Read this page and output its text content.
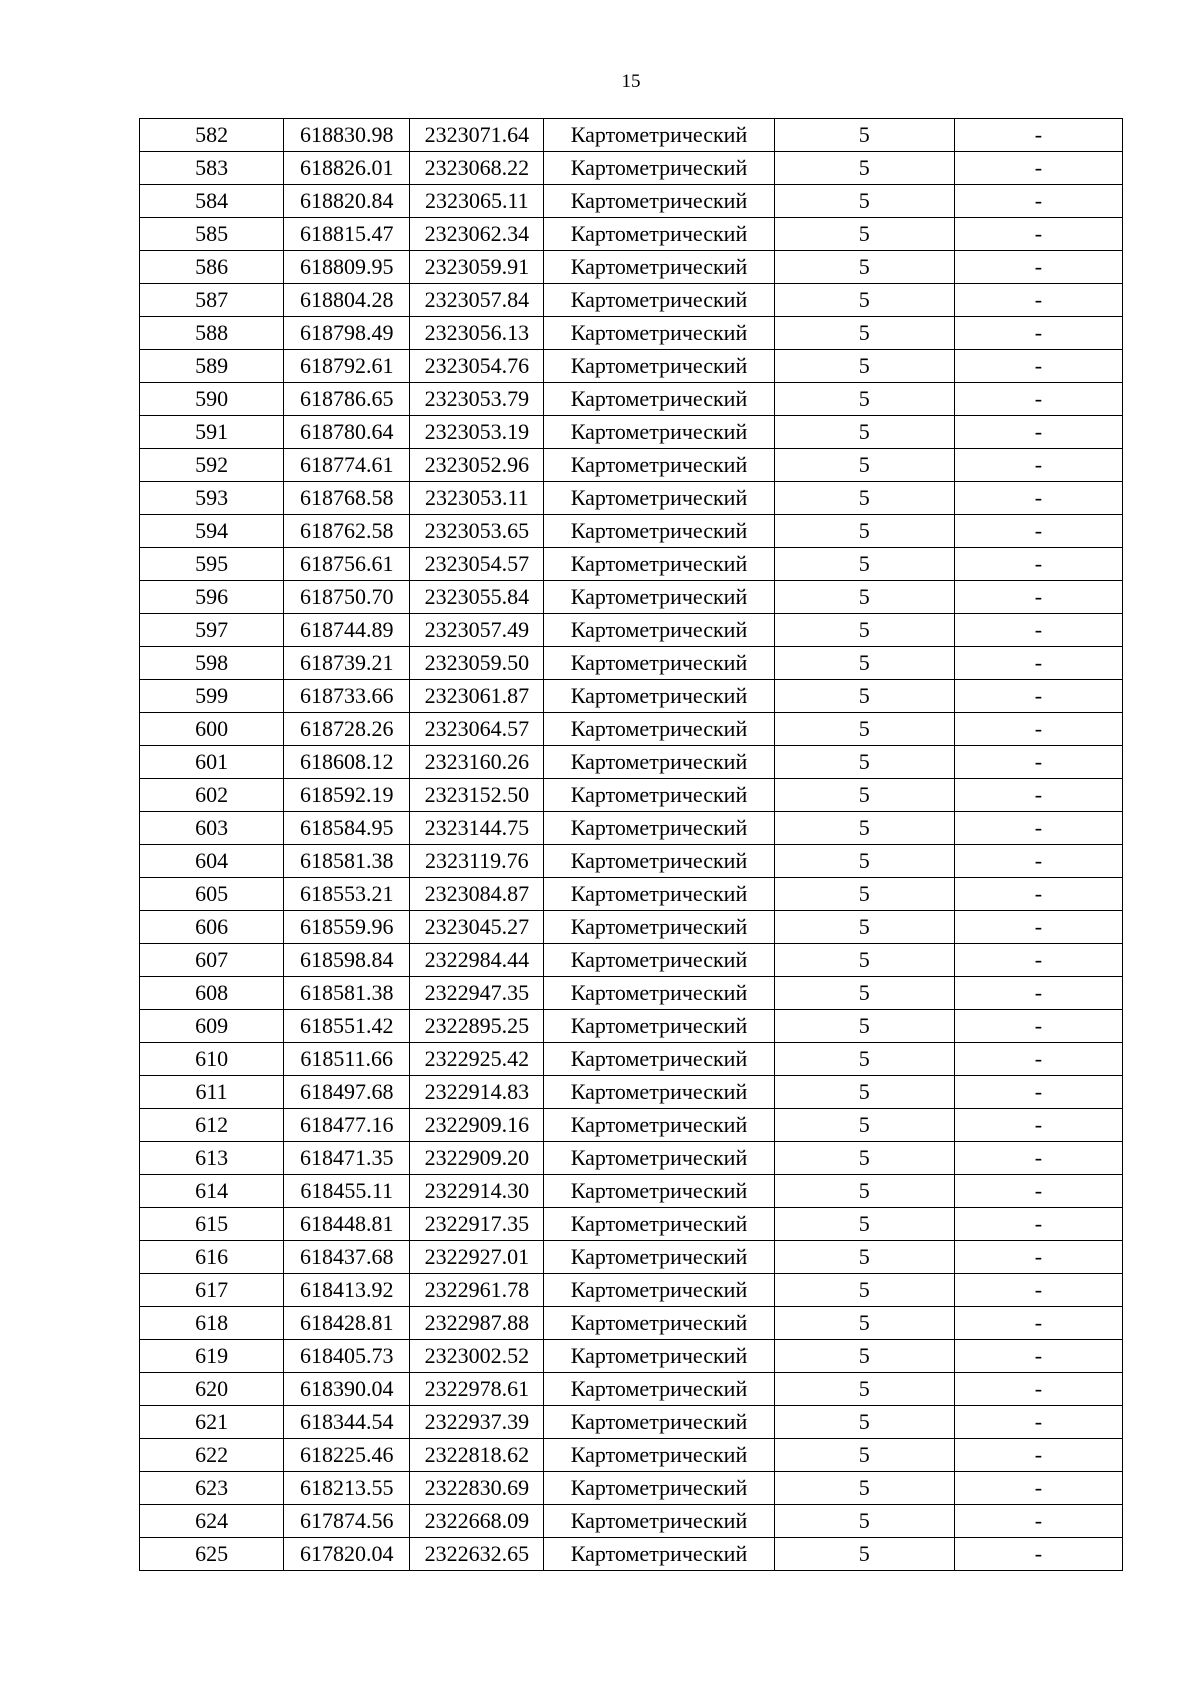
15
582	618830.98	2323071.64	Картометрический	5	-
583	618826.01	2323068.22	Картометрический	5	-
584	618820.84	2323065.11	Картометрический	5	-
585	618815.47	2323062.34	Картометрический	5	-
586	618809.95	2323059.91	Картометрический	5	-
587	618804.28	2323057.84	Картометрический	5	-
588	618798.49	2323056.13	Картометрический	5	-
589	618792.61	2323054.76	Картометрический	5	-
590	618786.65	2323053.79	Картометрический	5	-
591	618780.64	2323053.19	Картометрический	5	-
592	618774.61	2323052.96	Картометрический	5	-
593	618768.58	2323053.11	Картометрический	5	-
594	618762.58	2323053.65	Картометрический	5	-
595	618756.61	2323054.57	Картометрический	5	-
596	618750.70	2323055.84	Картометрический	5	-
597	618744.89	2323057.49	Картометрический	5	-
598	618739.21	2323059.50	Картометрический	5	-
599	618733.66	2323061.87	Картометрический	5	-
600	618728.26	2323064.57	Картометрический	5	-
601	618608.12	2323160.26	Картометрический	5	-
602	618592.19	2323152.50	Картометрический	5	-
603	618584.95	2323144.75	Картометрический	5	-
604	618581.38	2323119.76	Картометрический	5	-
605	618553.21	2323084.87	Картометрический	5	-
606	618559.96	2323045.27	Картометрический	5	-
607	618598.84	2322984.44	Картометрический	5	-
608	618581.38	2322947.35	Картометрический	5	-
609	618551.42	2322895.25	Картометрический	5	-
610	618511.66	2322925.42	Картометрический	5	-
611	618497.68	2322914.83	Картометрический	5	-
612	618477.16	2322909.16	Картометрический	5	-
613	618471.35	2322909.20	Картометрический	5	-
614	618455.11	2322914.30	Картометрический	5	-
615	618448.81	2322917.35	Картометрический	5	-
616	618437.68	2322927.01	Картометрический	5	-
617	618413.92	2322961.78	Картометрический	5	-
618	618428.81	2322987.88	Картометрический	5	-
619	618405.73	2323002.52	Картометрический	5	-
620	618390.04	2322978.61	Картометрический	5	-
621	618344.54	2322937.39	Картометрический	5	-
622	618225.46	2322818.62	Картометрический	5	-
623	618213.55	2322830.69	Картометрический	5	-
624	617874.56	2322668.09	Картометрический	5	-
625	617820.04	2322632.65	Картометрический	5	-
